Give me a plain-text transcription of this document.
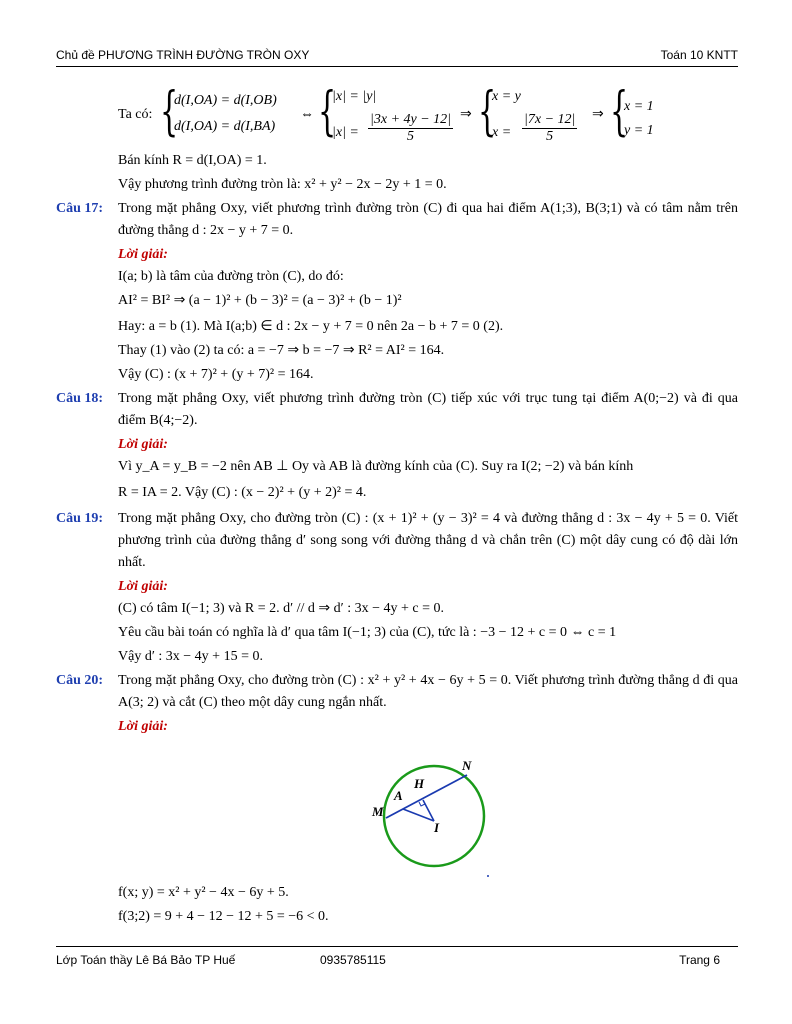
Chủ đề PHƯƠNG TRÌNH ĐƯỜNG TRÒN OXY	Toán 10 KNTT
Ta có: {
d(I,OA) = d(I,OB)
d(I,OA) = d(I,BA)
⇔ {
|x| = |y|
$|x| = \frac{|3x + 4y - 12|}{5}$ ⇒ {
x = y
$x = \frac{|7x - 12|}{5}$ ⇒ {
x = 1
y = 1
Bán kính R = d(I,OA) = 1.
Vậy phương trình đường tròn là: x² + y² − 2x − 2y + 1 = 0.
Câu 17: Trong mặt phẳng Oxy, viết phương trình đường tròn (C) đi qua hai điểm A(1;3), B(3;1) và có tâm nằm trên đường thẳng d : 2x − y + 7 = 0.
Lời giải:
I(a; b) là tâm của đường tròn (C), do đó:
AI² = BI² ⇒ (a − 1)² + (b − 3)² = (a − 3)² + (b − 1)²
Hay: a = b (1). Mà I(a;b) ∈ d : 2x − y + 7 = 0 nên 2a − b + 7 = 0 (2).
Thay (1) vào (2) ta có: a = −7 ⇒ b = −7 ⇒ R² = AI² = 164.
Vậy (C) : (x + 7)² + (y + 7)² = 164.
Câu 18: Trong mặt phẳng Oxy, viết phương trình đường tròn (C) tiếp xúc với trục tung tại điểm A(0;−2) và đi qua điểm B(4;−2).
Lời giải:
Vì y_A = y_B = −2 nên AB ⊥ Oy và AB là đường kính của (C). Suy ra I(2; −2) và bán kính
R = IA = 2. Vậy (C) : (x − 2)² + (y + 2)² = 4.
Câu 19: Trong mặt phẳng Oxy, cho đường tròn (C) : (x + 1)² + (y − 3)² = 4 và đường thẳng d : 3x − 4y + 5 = 0. Viết phương trình của đường thẳng d′ song song với đường thẳng d và chắn trên (C) một dây cung có độ dài lớn nhất.
Lời giải:
(C) có tâm I(−1; 3) và R = 2. d′ // d ⇒ d′ : 3x − 4y + c = 0.
Yêu cầu bài toán có nghĩa là d′ qua tâm I(−1; 3) của (C), tức là : −3 − 12 + c = 0 ⇔ c = 1
Vậy d′ : 3x − 4y + 15 = 0.
Câu 20: Trong mặt phẳng Oxy, cho đường tròn (C) : x² + y² + 4x − 6y + 5 = 0. Viết phương trình đường thẳng d đi qua A(3; 2) và cắt (C) theo một dây cung ngắn nhất.
Lời giải:
f(x; y) = x² + y² − 4x − 6y + 5.
f(3;2) = 9 + 4 − 12 − 12 + 5 = −6 < 0.
N
H
A
M
I
Lớp Toán thầy Lê Bá Bảo TP Huế	0935785115	Trang 6
